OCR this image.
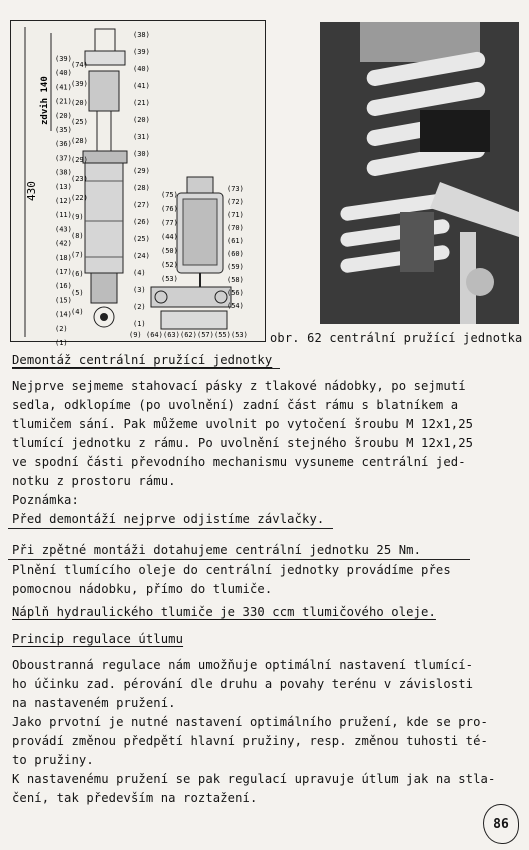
430
zdvih 140
(39)
(40)
(41)
(21)
(20)
(35)
(36)
(37)
(38)
(13)
(12)
(11)
(43)
(42)
(18)
(17)
(16)
(15)
(14)
(2)
(1)
(74)
(39)
(20)
(25)
(28)
(29)
(23)
(22)
(9)
(8)
(7)
(6)
(5)
(4)
(38)
(39)
(40)
(41)
(21)
(20)
(31)
(30)
(29)
(28)
(27)
(26)
(25)
(24)
(4)
(3)
(2)
(1)
(73)
(72)
(71)
(70)
(61)
(60)
(59)
(58)
(56)
(54)
(75)
(76)
(77)
(44)
(50)
(52)
(53)
(9) (64) (63) (62) (57) (55) (53) obr. 62 centrální pružící jednotka
Demontáž centrální pružící jednotky
Nejprve sejmeme stahovací pásky z tlakové nádobky, po sejmutí
sedla, odklopíme (po uvolnění) zadní část rámu s blatníkem a
tlumičem sání. Pak můžeme uvolnit po vytočení šroubu M 12x1,25
tlumící jednotku z rámu. Po uvolnění stejného šroubu M 12x1,25
ve spodní části převodního mechanismu vysuneme centrální jed-
notku z prostoru rámu.
Poznámka:
Před demontáží nejprve odjistíme závlačky.
Při zpětné montáži dotahujeme centrální jednotku 25 Nm.
Plnění tlumícího oleje do centrální jednotky provádíme přes
pomocnou nádobku, přímo do tlumiče.
Náplň hydraulického tlumiče je 330 ccm tlumičového oleje.
Princip regulace útlumu
Oboustranná regulace nám umožňuje optimální nastavení tlumící-
ho účinku zad. pérování dle druhu a povahy terénu v závislosti
na nastaveném pružení.
Jako prvotní je nutné nastavení optimálního pružení, kde se pro-
provádí změnou předpětí hlavní pružiny, resp. změnou tuhosti té-
to pružiny.
K nastavenému pružení se pak regulací upravuje útlum jak na stla-
čení, tak především na roztažení.
86
